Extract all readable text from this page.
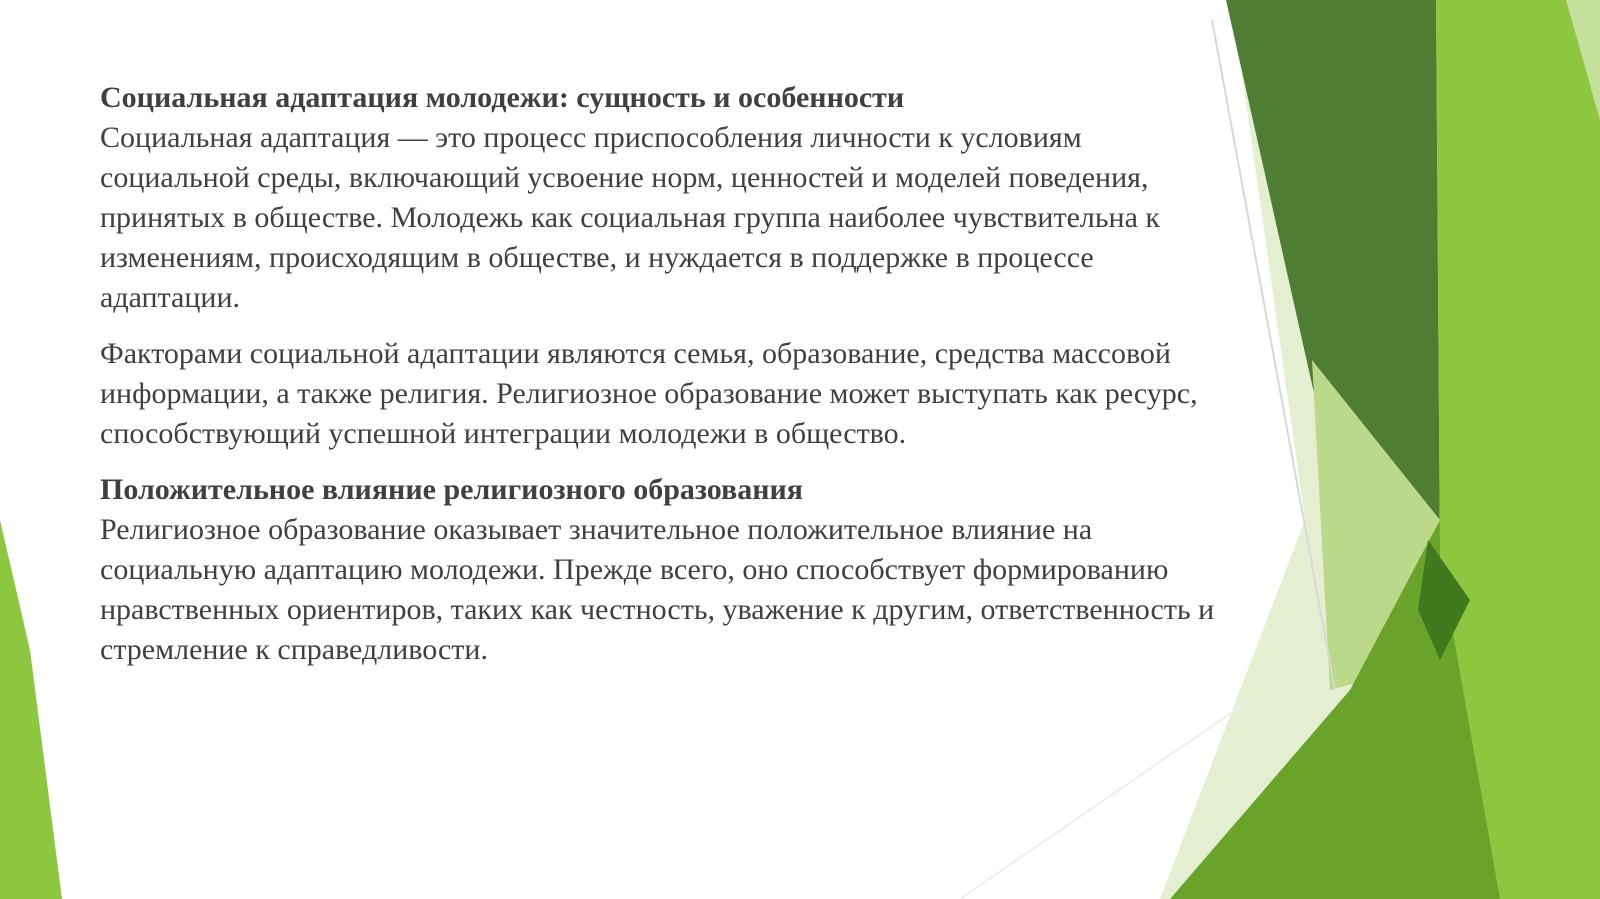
Социальная адаптация молодежи: сущность и особенности
Социальная адаптация — это процесс приспособления личности к условиям социальной среды, включающий усвоение норм, ценностей и моделей поведения, принятых в обществе. Молодежь как социальная группа наиболее чувствительна к изменениям, происходящим в обществе, и нуждается в поддержке в процессе адаптации.

Факторами социальной адаптации являются семья, образование, средства массовой информации, а также религия. Религиозное образование может выступать как ресурс, способствующий успешной интеграции молодежи в общество.

Положительное влияние религиозного образования
Религиозное образование оказывает значительное положительное влияние на социальную адаптацию молодежи. Прежде всего, оно способствует формированию нравственных ориентиров, таких как честность, уважение к другим, ответственность и стремление к справедливости.
